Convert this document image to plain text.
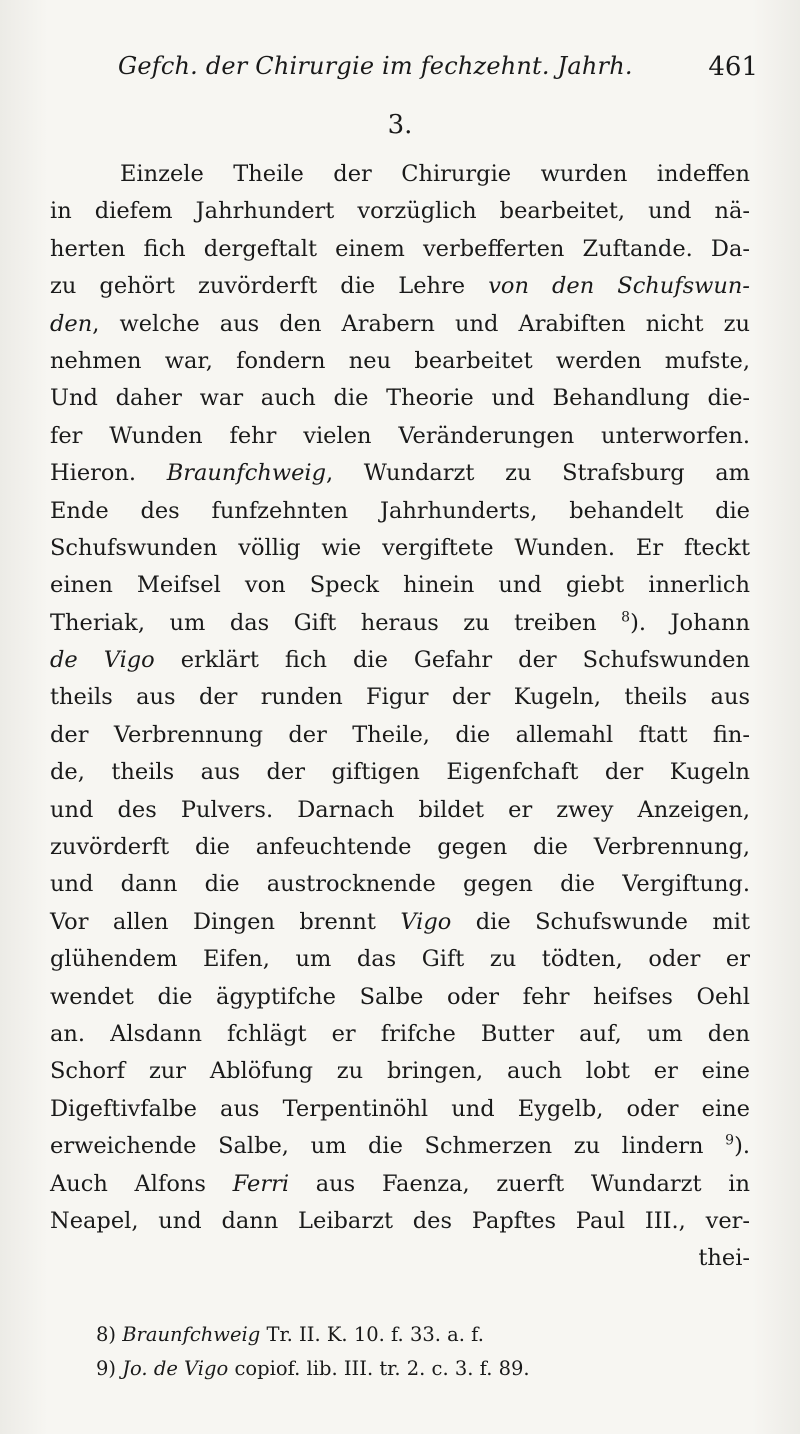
Gefch. der Chirurgie im fechzehnt. Jahrh.	461
3.
Einzele Theile der Chirurgie wurden indeffen
in diefem Jahrhundert vorzüglich bearbeitet, und nä-
herten fich dergeftalt einem verbefferten Zuftande. Da-
zu gehört zuvörderft die Lehre von den Schufswun-
den, welche aus den Arabern und Arabiften nicht zu
nehmen war, fondern neu bearbeitet werden mufste,
Und daher war auch die Theorie und Behandlung die-
fer Wunden fehr vielen Veränderungen unterworfen.
Hieron. Braunfchweig, Wundarzt zu Strafsburg am
Ende des funfzehnten Jahrhunderts, behandelt die
Schufswunden völlig wie vergiftete Wunden. Er fteckt
einen Meifsel von Speck hinein und giebt innerlich
Theriak, um das Gift heraus zu treiben $^8$). Johann
de Vigo erklärt fich die Gefahr der Schufswunden
theils aus der runden Figur der Kugeln, theils aus
der Verbrennung der Theile, die allemahl ftatt fin-
de, theils aus der giftigen Eigenfchaft der Kugeln
und des Pulvers. Darnach bildet er zwey Anzeigen,
zuvörderft die anfeuchtende gegen die Verbrennung,
und dann die austrocknende gegen die Vergiftung.
Vor allen Dingen brennt Vigo die Schufswunde mit
glühendem Eifen, um das Gift zu tödten, oder er
wendet die ägyptifche Salbe oder fehr heifses Oehl
an. Alsdann fchlägt er frifche Butter auf, um den
Schorf zur Ablöfung zu bringen, auch lobt er eine
Digeftivfalbe aus Terpentinöhl und Eygelb, oder eine
erweichende Salbe, um die Schmerzen zu lindern $^9$).
Auch Alfons Ferri aus Faenza, zuerft Wundarzt in
Neapel, und dann Leibarzt des Papftes Paul III., ver-
thei-
8) Braunfchweig Tr. II. K. 10. f. 33. a. f.
9) Jo. de Vigo copiof. lib. III. tr. 2. c. 3. f. 89.
